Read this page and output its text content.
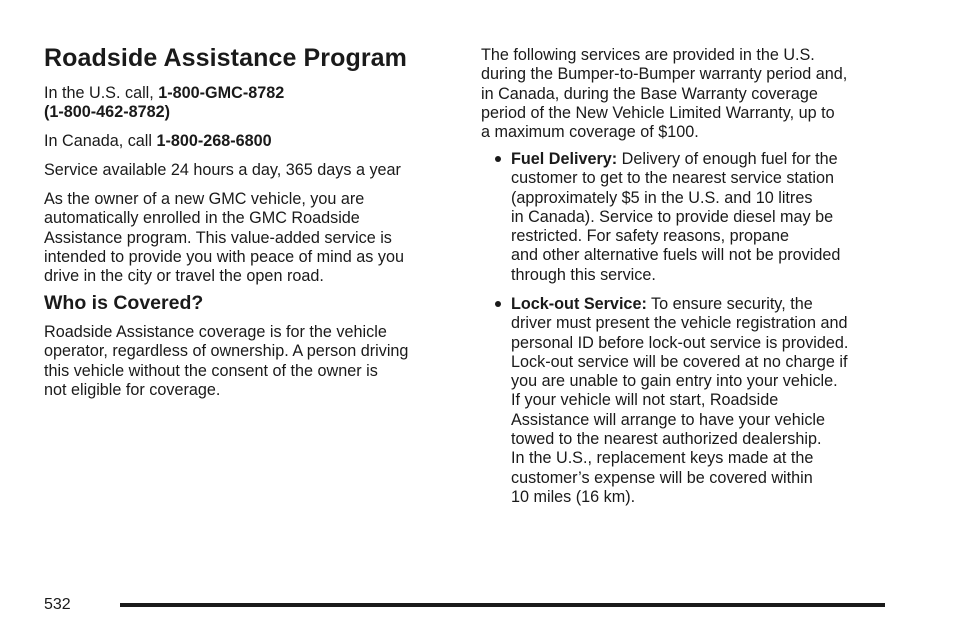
Roadside Assistance Program

In the U.S. call, 1-800-GMC-8782
(1-800-462-8782)

In Canada, call 1-800-268-6800

Service available 24 hours a day, 365 days a year

As the owner of a new GMC vehicle, you are
automatically enrolled in the GMC Roadside
Assistance program. This value-added service is
intended to provide you with peace of mind as you
drive in the city or travel the open road.

Who is Covered?

Roadside Assistance coverage is for the vehicle
operator, regardless of ownership. A person driving
this vehicle without the consent of the owner is
not eligible for coverage.

The following services are provided in the U.S.
during the Bumper-to-Bumper warranty period and,
in Canada, during the Base Warranty coverage
period of the New Vehicle Limited Warranty, up to
a maximum coverage of $100.

Fuel Delivery: Delivery of enough fuel for the
customer to get to the nearest service station
(approximately $5 in the U.S. and 10 litres
in Canada). Service to provide diesel may be
restricted. For safety reasons, propane
and other alternative fuels will not be provided
through this service.

Lock-out Service: To ensure security, the
driver must present the vehicle registration and
personal ID before lock-out service is provided.
Lock-out service will be covered at no charge if
you are unable to gain entry into your vehicle.
If your vehicle will not start, Roadside
Assistance will arrange to have your vehicle
towed to the nearest authorized dealership.
In the U.S., replacement keys made at the
customer’s expense will be covered within
10 miles (16 km).

532
